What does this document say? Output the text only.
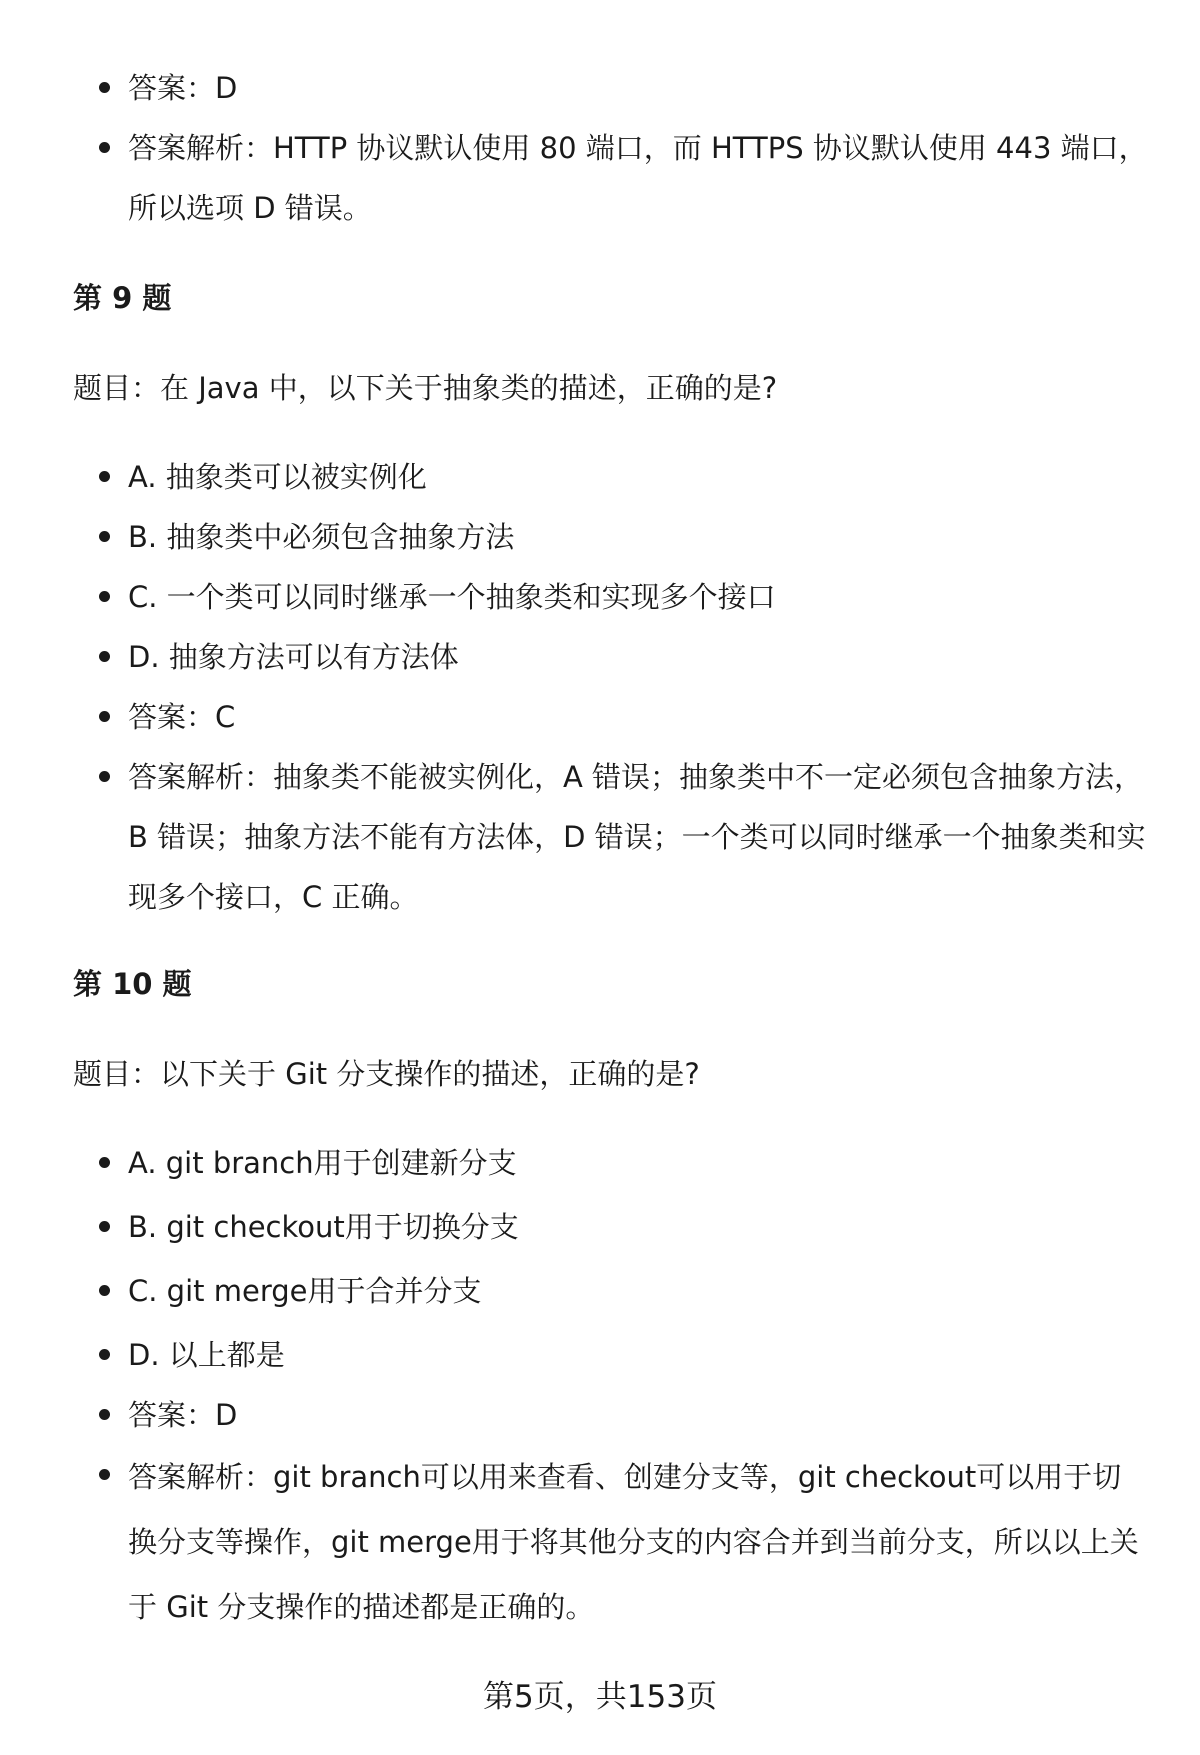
答案：D
答案解析：HTTP 协议默认使用 80 端口，而 HTTPS 协议默认使用 443 端口，所以选项 D 错误。
第 9 题
题目：在 Java 中，以下关于抽象类的描述，正确的是?
A. 抽象类可以被实例化
B. 抽象类中必须包含抽象方法
C. 一个类可以同时继承一个抽象类和实现多个接口
D. 抽象方法可以有方法体
答案：C
答案解析：抽象类不能被实例化，A 错误；抽象类中不一定必须包含抽象方法，B 错误；抽象方法不能有方法体，D 错误；一个类可以同时继承一个抽象类和实现多个接口，C 正确。
第 10 题
题目：以下关于 Git 分支操作的描述，正确的是?
A. git branch用于创建新分支
B. git checkout用于切换分支
C. git merge用于合并分支
D. 以上都是
答案：D
答案解析：git branch可以用来查看、创建分支等，git checkout可以用于切换分支等操作，git merge用于将其他分支的内容合并到当前分支，所以以上关于 Git 分支操作的描述都是正确的。
第5页，共153页
